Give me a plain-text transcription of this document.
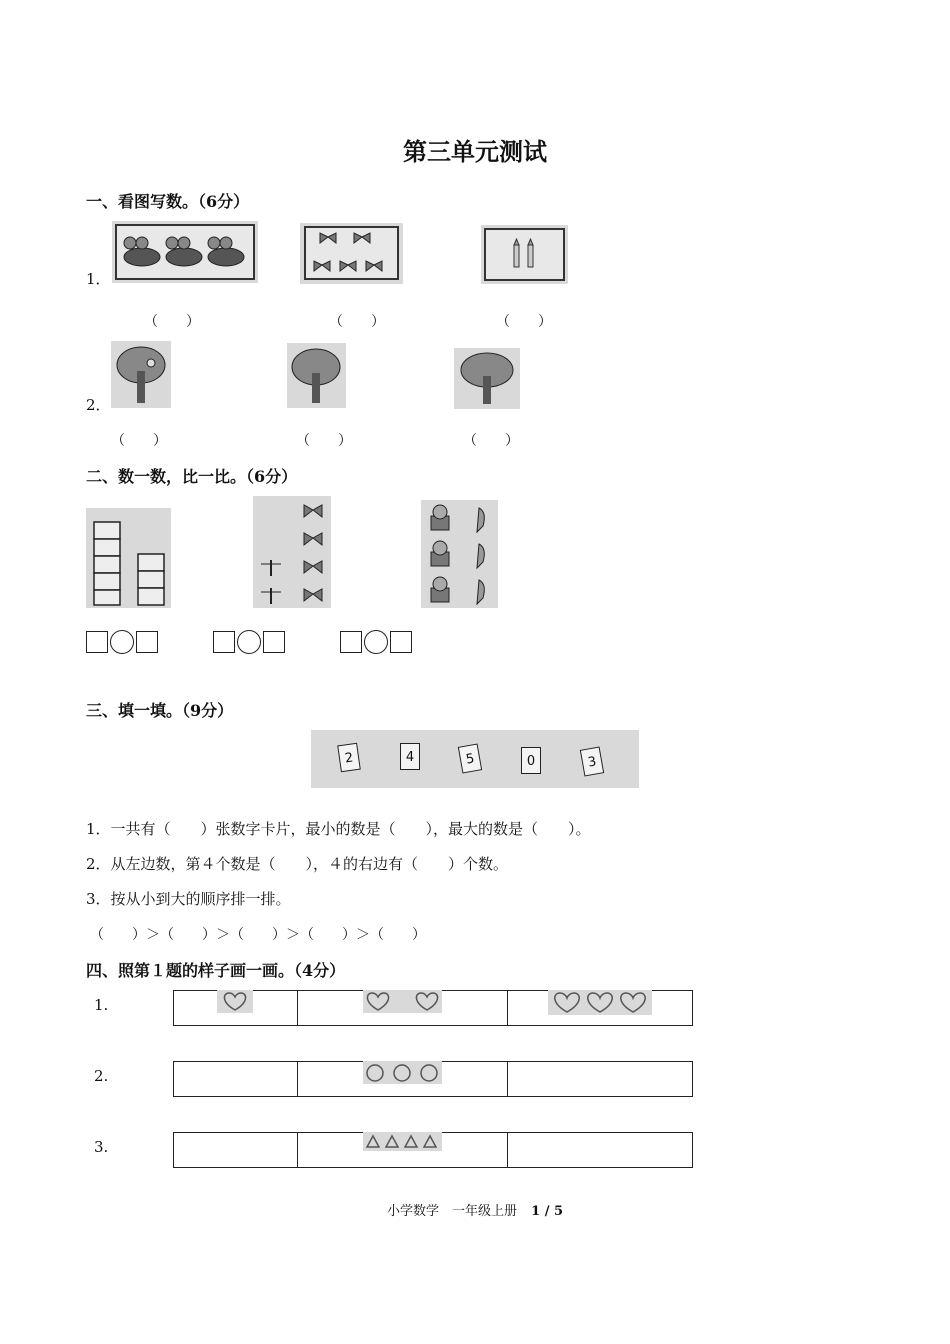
第三单元测试
一、看图写数。（6分）
1．
（　　）	（　　）	（　　）
2．
（　　）	（　　）	（　　）
二、数一数，比一比。（6分）
三、填一填。（9分）
2	4	5	0	3
1．一共有（　　）张数字卡片，最小的数是（　　），最大的数是（　　）。
2．从左边数，第４个数是（　　），４的右边有（　　）个数。
3．按从小到大的顺序排一排。
（　　）＞（　　）＞（　　）＞（　　）＞（　　）
四、照第１题的样子画一画。（4分）
1.
2.
3.

小学数学　一年级上册 1 / 5
